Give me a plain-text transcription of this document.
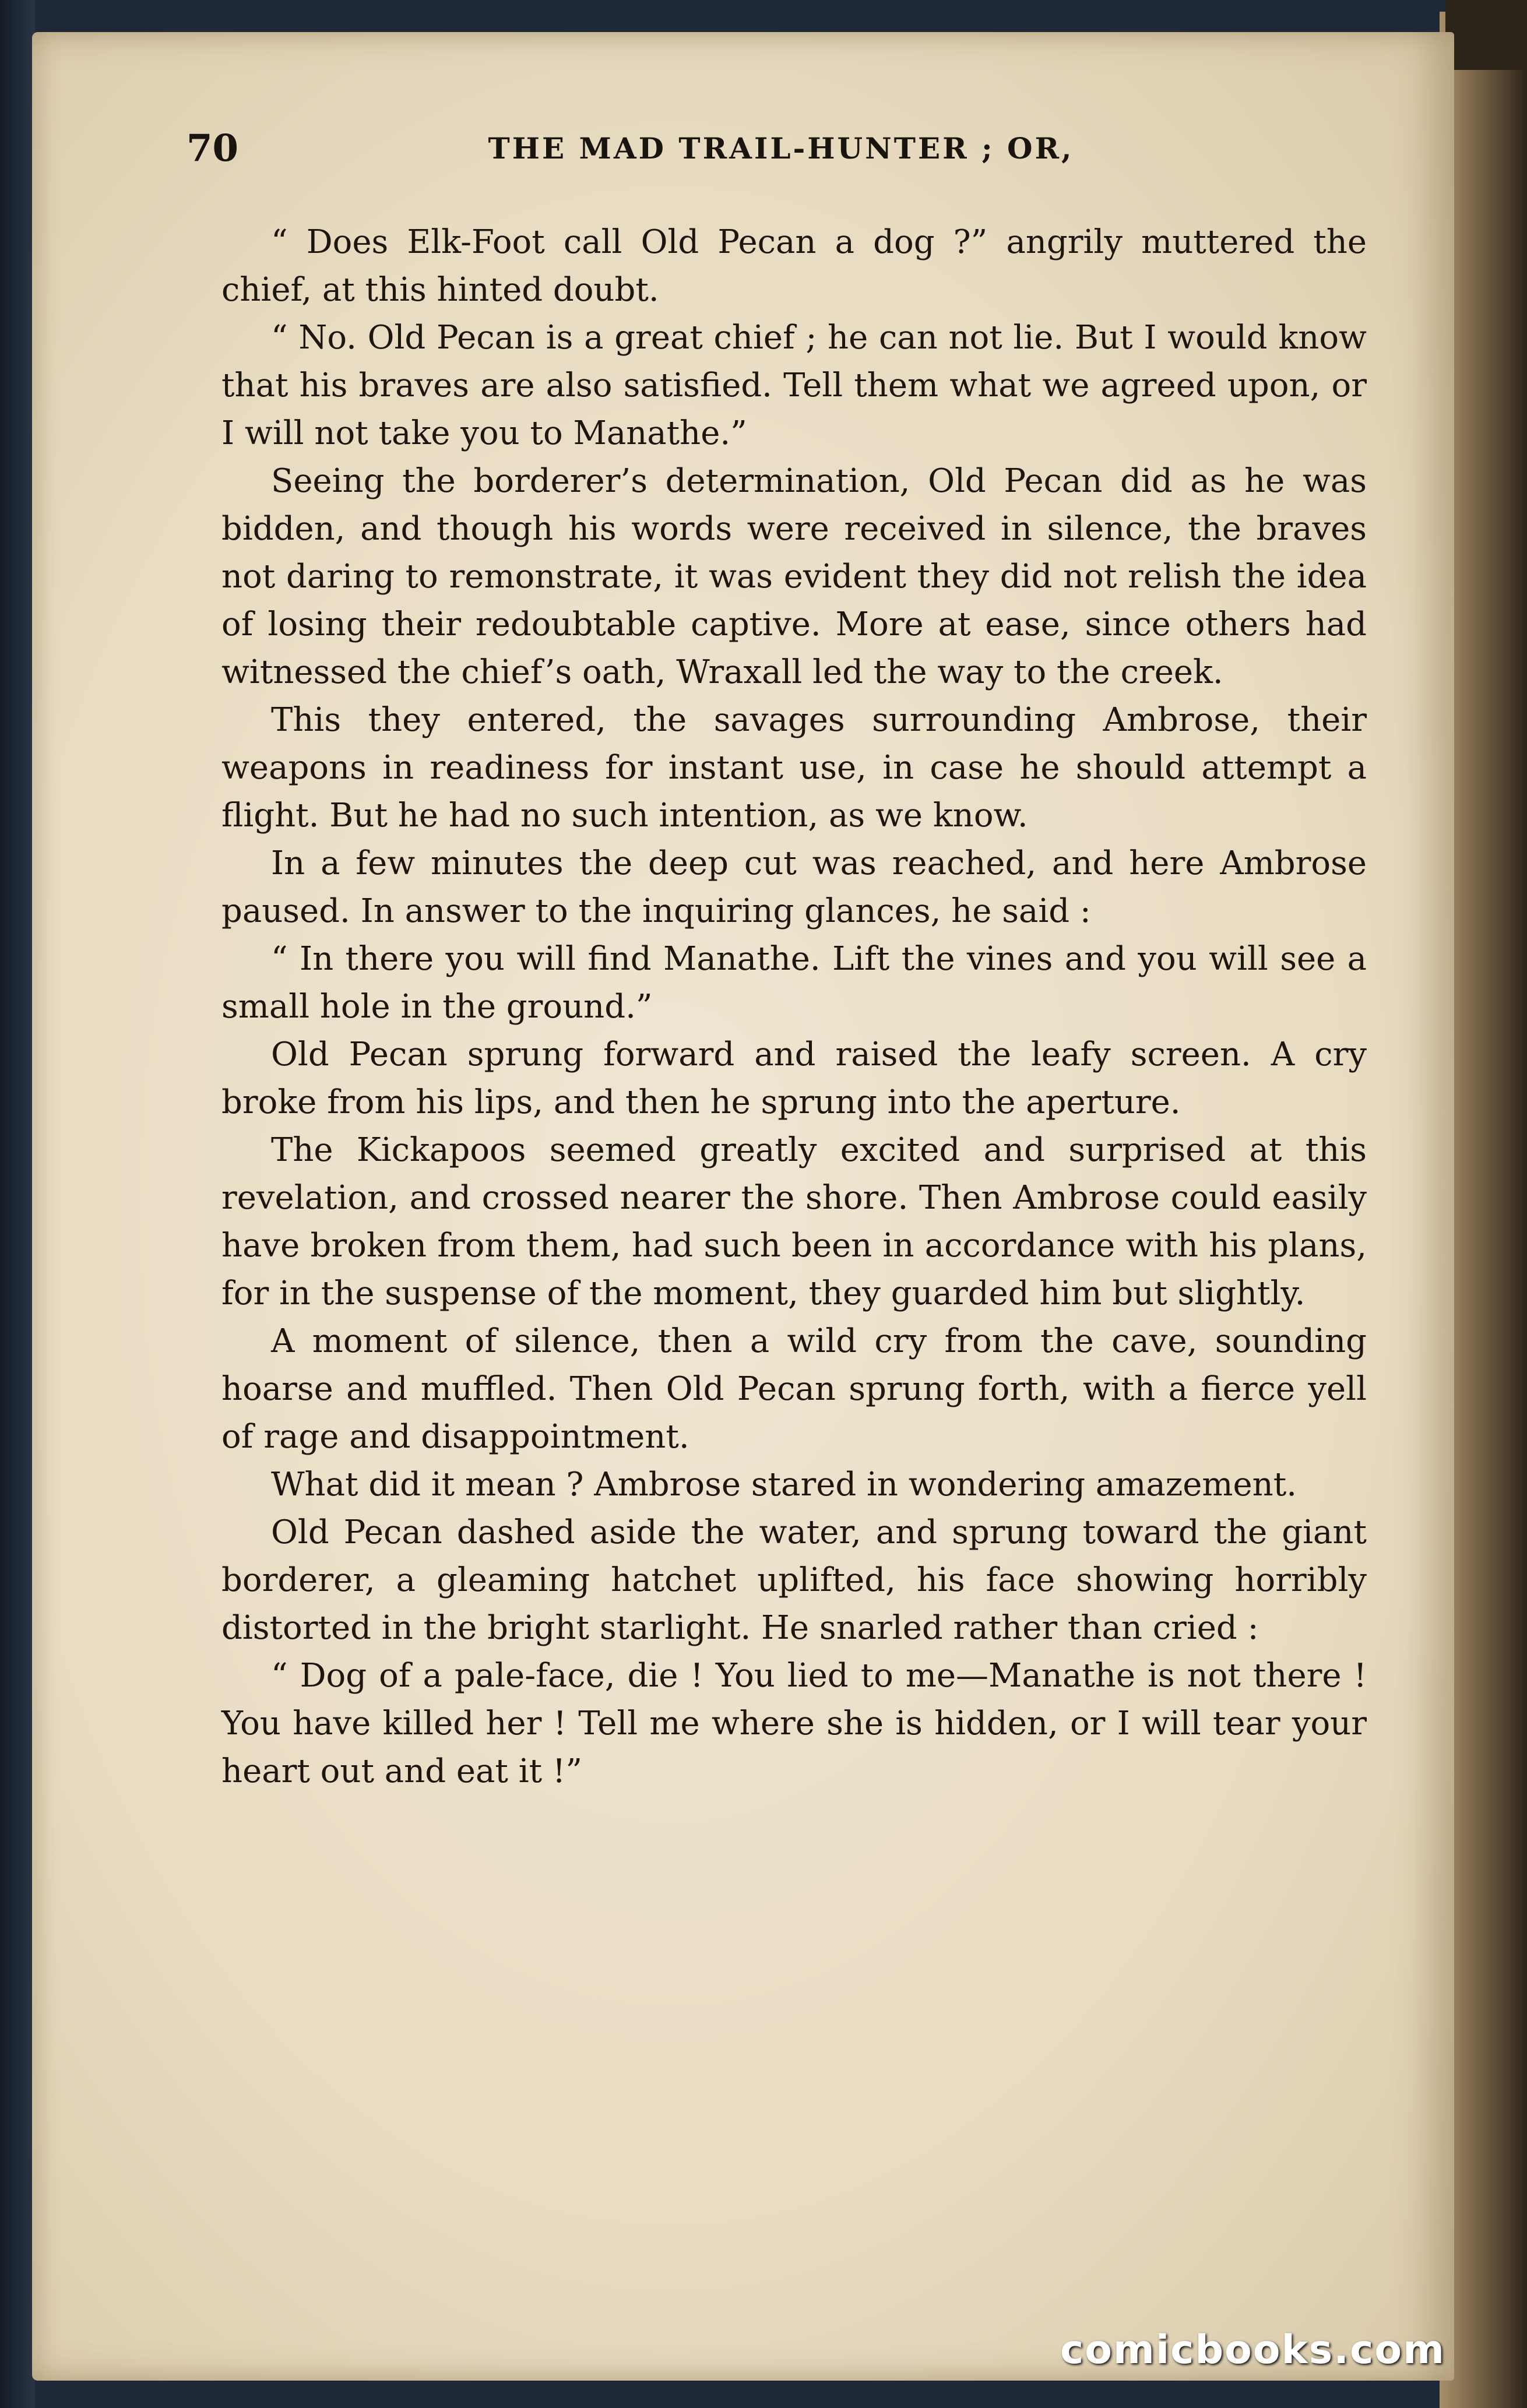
70	THE MAD TRAIL-HUNTER ; OR,

“ Does Elk-Foot call Old Pecan a dog ?” angrily muttered the chief, at this hinted doubt.

“ No. Old Pecan is a great chief ; he can not lie. But I would know that his braves are also satisfied. Tell them what we agreed upon, or I will not take you to Manathe.”

Seeing the borderer’s determination, Old Pecan did as he was bidden, and though his words were received in silence, the braves not daring to remonstrate, it was evident they did not relish the idea of losing their redoubtable captive. More at ease, since others had witnessed the chief’s oath, Wraxall led the way to the creek.

This they entered, the savages surrounding Ambrose, their weapons in readiness for instant use, in case he should attempt a flight. But he had no such intention, as we know.

In a few minutes the deep cut was reached, and here Ambrose paused. In answer to the inquiring glances, he said :

“ In there you will find Manathe. Lift the vines and you will see a small hole in the ground.”

Old Pecan sprung forward and raised the leafy screen. A cry broke from his lips, and then he sprung into the aperture.

The Kickapoos seemed greatly excited and surprised at this revelation, and crossed nearer the shore. Then Ambrose could easily have broken from them, had such been in accordance with his plans, for in the suspense of the moment, they guarded him but slightly.

A moment of silence, then a wild cry from the cave, sounding hoarse and muffled. Then Old Pecan sprung forth, with a fierce yell of rage and disappointment.

What did it mean ? Ambrose stared in wondering amazement.

Old Pecan dashed aside the water, and sprung toward the giant borderer, a gleaming hatchet uplifted, his face showing horribly distorted in the bright starlight. He snarled rather than cried :

“ Dog of a pale-face, die ! You lied to me—Manathe is not there ! You have killed her ! Tell me where she is hidden, or I will tear your heart out and eat it !”

comicbooks.com
